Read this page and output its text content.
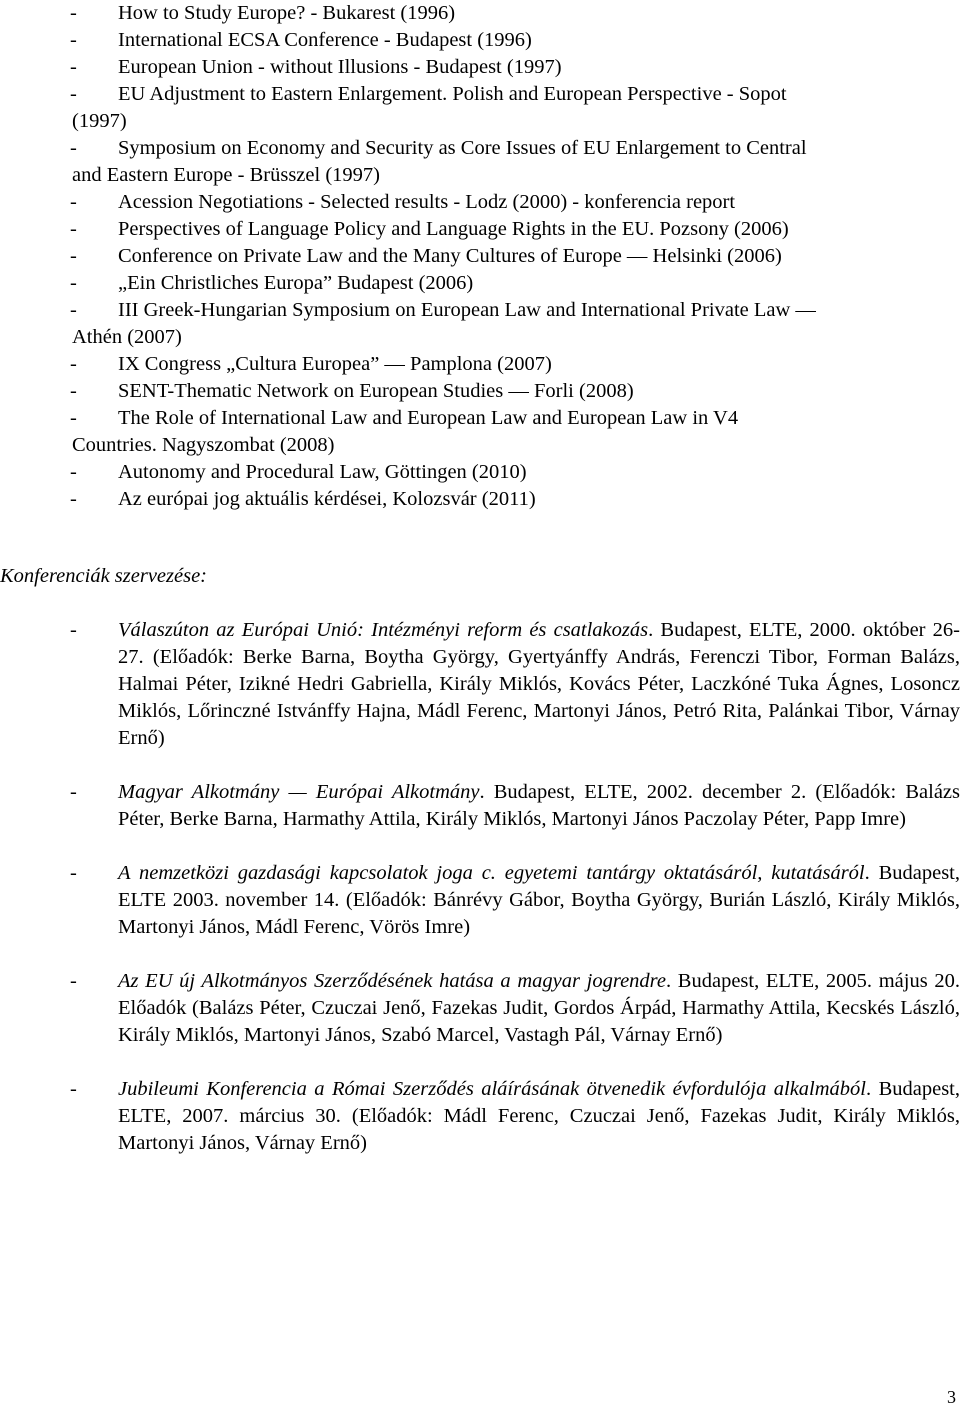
- How to Study Europe? - Bukarest (1996)
- International ECSA Conference - Budapest (1996)
- European Union - without Illusions - Budapest (1997)
- EU Adjustment to Eastern Enlargement. Polish and European Perspective - Sopot
(1997)
- Symposium on Economy and Security as Core Issues of EU Enlargement to Central
and Eastern Europe - Brüsszel (1997)
- Acession Negotiations - Selected results - Lodz (2000) - konferencia report
- Perspectives of Language Policy and Language Rights in the EU. Pozsony (2006)
- Conference on Private Law and the Many Cultures of Europe — Helsinki (2006)
- „Ein Christliches Europa” Budapest (2006)
- III Greek-Hungarian Symposium on European Law and International Private Law —
Athén (2007)
- IX Congress „Cultura Europea” — Pamplona (2007)
- SENT-Thematic Network on European Studies — Forli (2008)
- The Role of International Law and European Law and European Law in V4
Countries. Nagyszombat (2008)
- Autonomy and Procedural Law, Göttingen (2010)
- Az európai jog aktuális kérdései, Kolozsvár (2011)
Konferenciák szervezése:
- Válaszúton az Európai Unió: Intézményi reform és csatlakozás. Budapest, ELTE, 2000. október 26-27. (Előadók: Berke Barna, Boytha György, Gyertyánffy András, Ferenczi Tibor, Forman Balázs, Halmai Péter, Izikné Hedri Gabriella, Király Miklós, Kovács Péter, Laczkóné Tuka Ágnes, Losoncz Miklós, Lőrinczné Istvánffy Hajna, Mádl Ferenc, Martonyi János, Petró Rita, Palánkai Tibor, Várnay Ernő)
- Magyar Alkotmány — Európai Alkotmány. Budapest, ELTE, 2002. december 2. (Előadók: Balázs Péter, Berke Barna, Harmathy Attila, Király Miklós, Martonyi János Paczolay Péter, Papp Imre)
- A nemzetközi gazdasági kapcsolatok joga c. egyetemi tantárgy oktatásáról, kutatásáról. Budapest, ELTE 2003. november 14. (Előadók: Bánrévy Gábor, Boytha György, Burián László, Király Miklós, Martonyi János, Mádl Ferenc, Vörös Imre)
- Az EU új Alkotmányos Szerződésének hatása a magyar jogrendre. Budapest, ELTE, 2005. május 20. Előadók (Balázs Péter, Czuczai Jenő, Fazekas Judit, Gordos Árpád, Harmathy Attila, Kecskés László, Király Miklós, Martonyi János, Szabó Marcel, Vastagh Pál, Várnay Ernő)
- Jubileumi Konferencia a Római Szerződés aláírásának ötvenedik évfordulója alkalmából. Budapest, ELTE, 2007. március 30. (Előadók: Mádl Ferenc, Czuczai Jenő, Fazekas Judit, Király Miklós, Martonyi János, Várnay Ernő)
3
